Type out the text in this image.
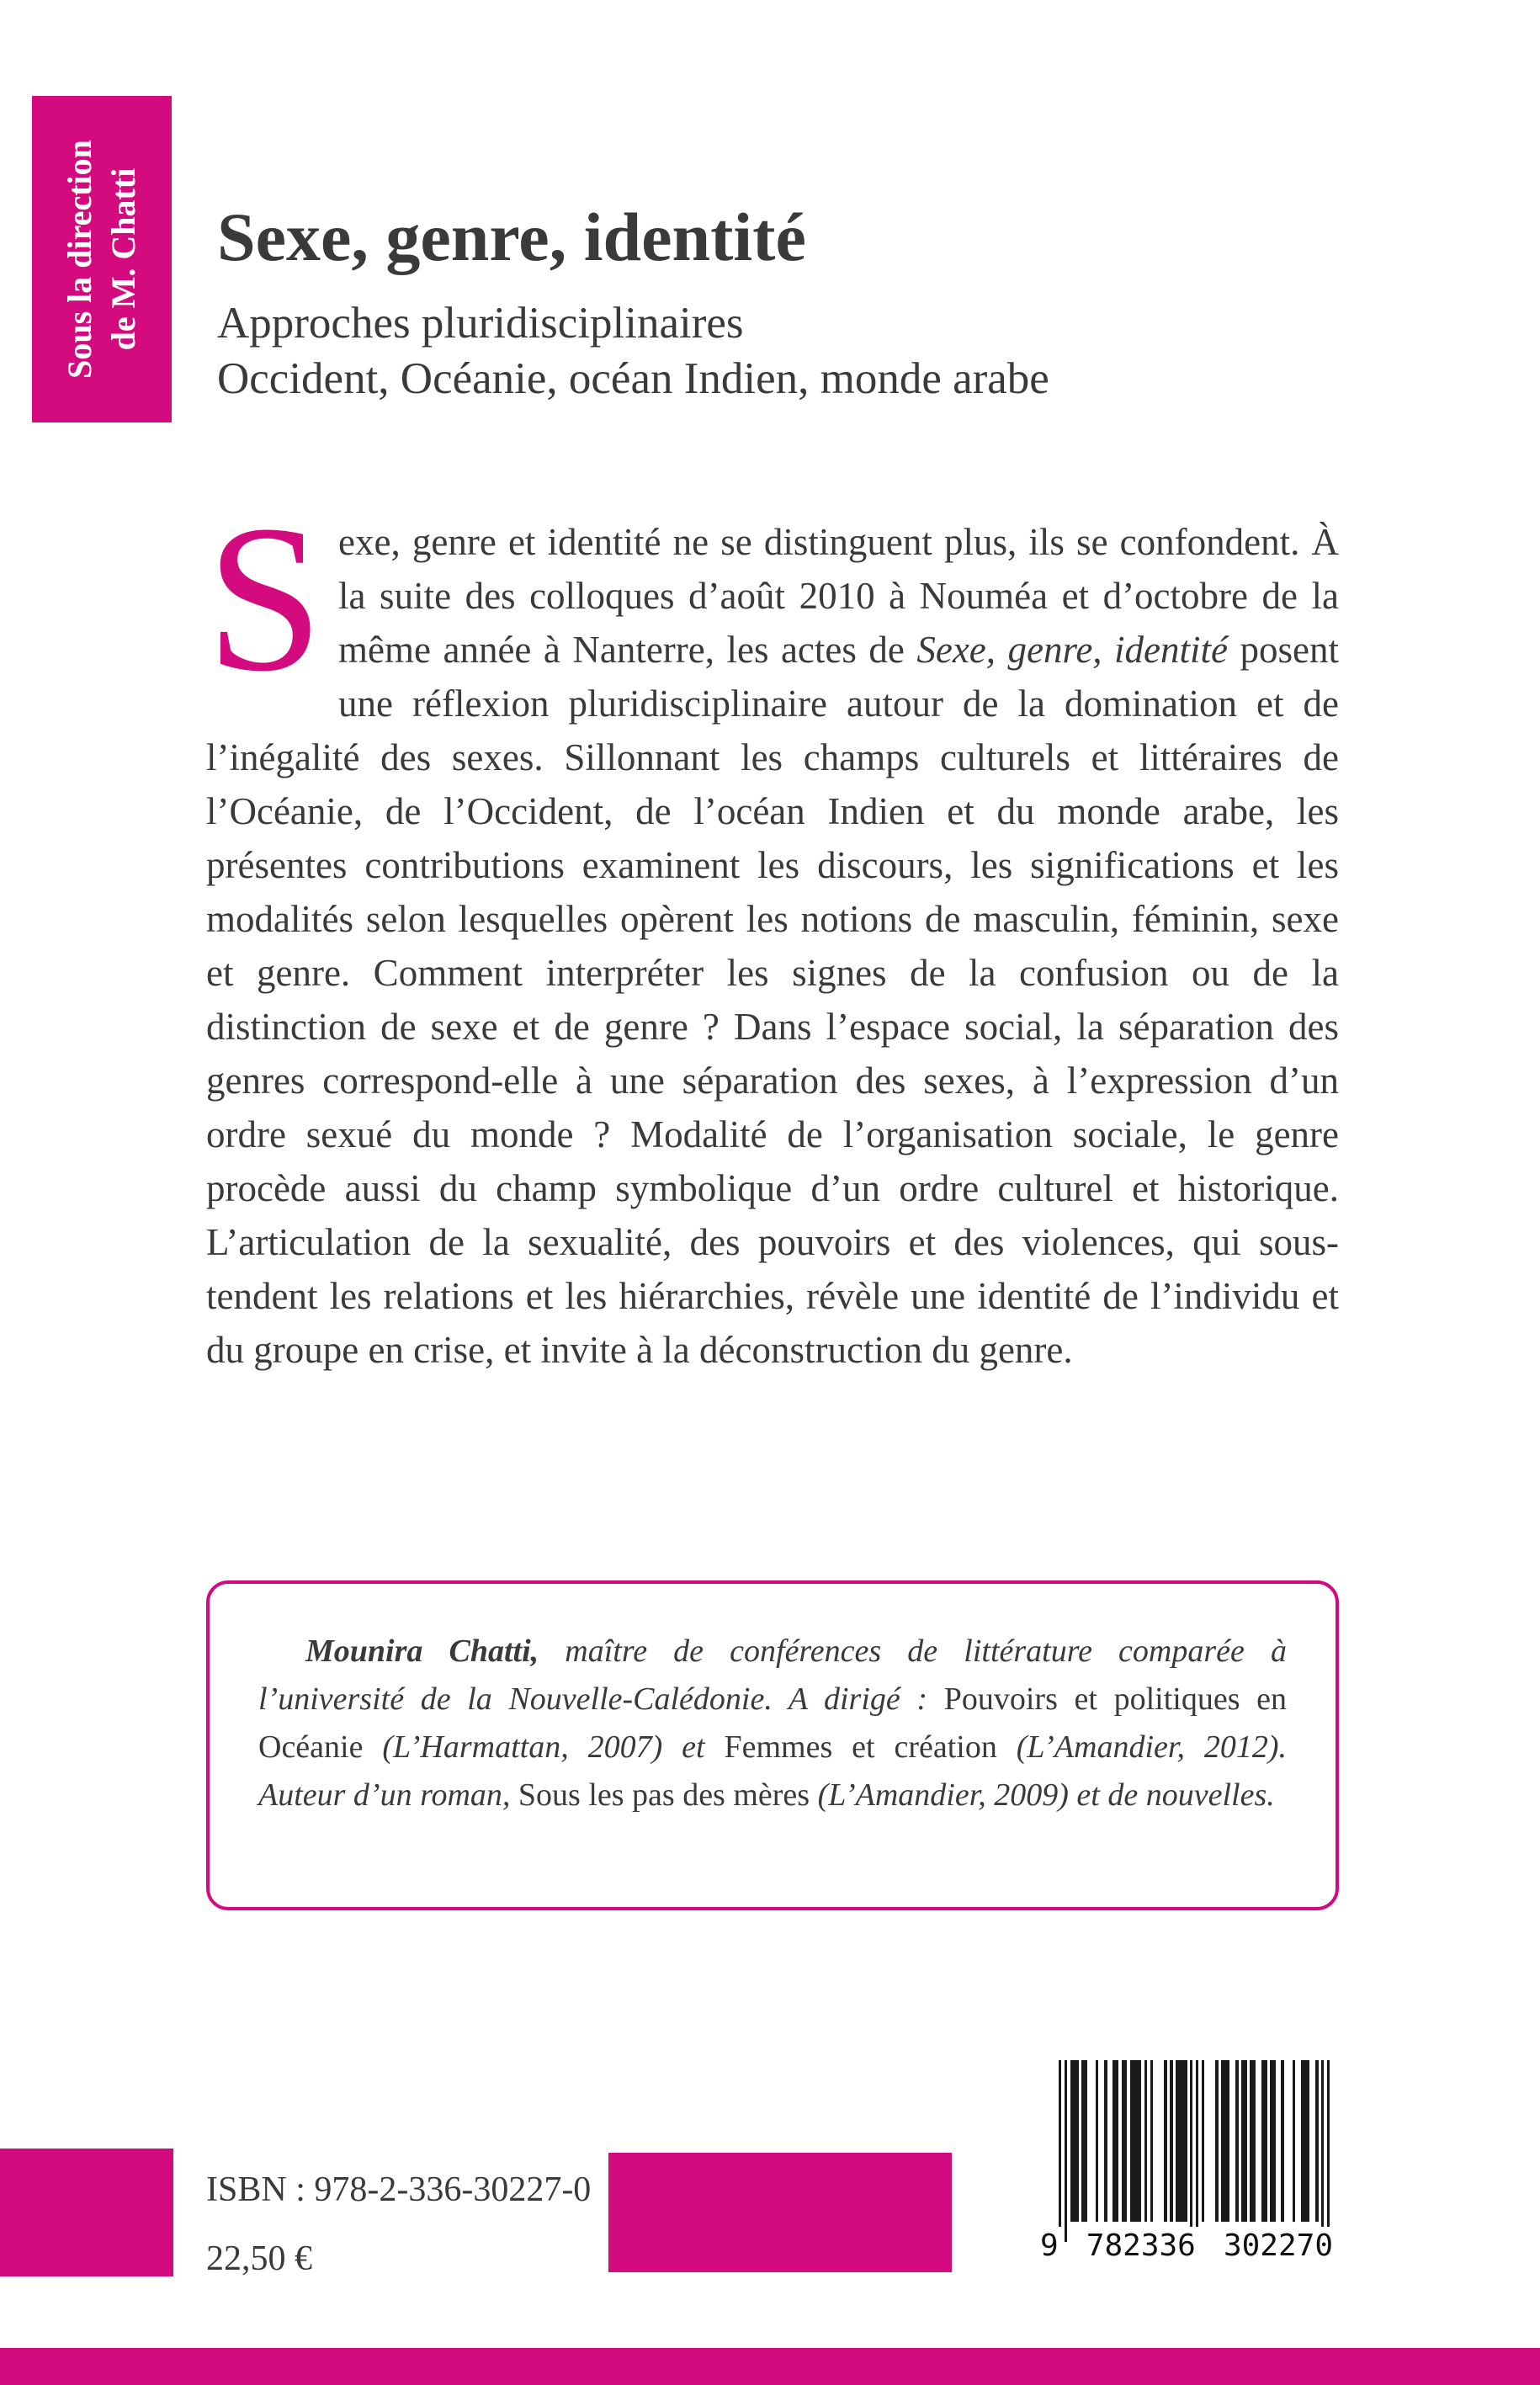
Sous la direction de M. Chatti Sexe, genre, identité
Approches pluridisciplinaires
Occident, Océanie, océan Indien, monde arabe

Sexe, genre et identité ne se distinguent plus, ils se confondent. À la suite des colloques d’août 2010 à Nouméa et d’octobre de la même année à Nanterre, les actes de Sexe, genre, identité posent une réflexion pluridisciplinaire autour de la domination et de l’inégalité des sexes. Sillonnant les champs culturels et littéraires de l’Océanie, de l’Occident, de l’océan Indien et du monde arabe, les présentes contributions examinent les discours, les significations et les modalités selon lesquelles opèrent les notions de masculin, féminin, sexe et genre. Comment interpréter les signes de la confusion ou de la distinction de sexe et de genre ? Dans l’espace social, la séparation des genres correspond-elle à une séparation des sexes, à l’expression d’un ordre sexué du monde ? Modalité de l’organisation sociale, le genre procède aussi du champ symbolique d’un ordre culturel et historique. L’articulation de la sexualité, des pouvoirs et des violences, qui sous-tendent les relations et les hiérarchies, révèle une identité de l’individu et du groupe en crise, et invite à la déconstruction du genre.

Mounira Chatti, maître de conférences de littérature comparée à l’université de la Nouvelle-Calédonie. A dirigé : Pouvoirs et politiques en Océanie (L’Harmattan, 2007) et Femmes et création (L’Amandier, 2012). Auteur d’un roman, Sous les pas des mères (L’Amandier, 2009) et de nouvelles.

ISBN : 978-2-336-30227-0
22,50 €	9 782336 302270
